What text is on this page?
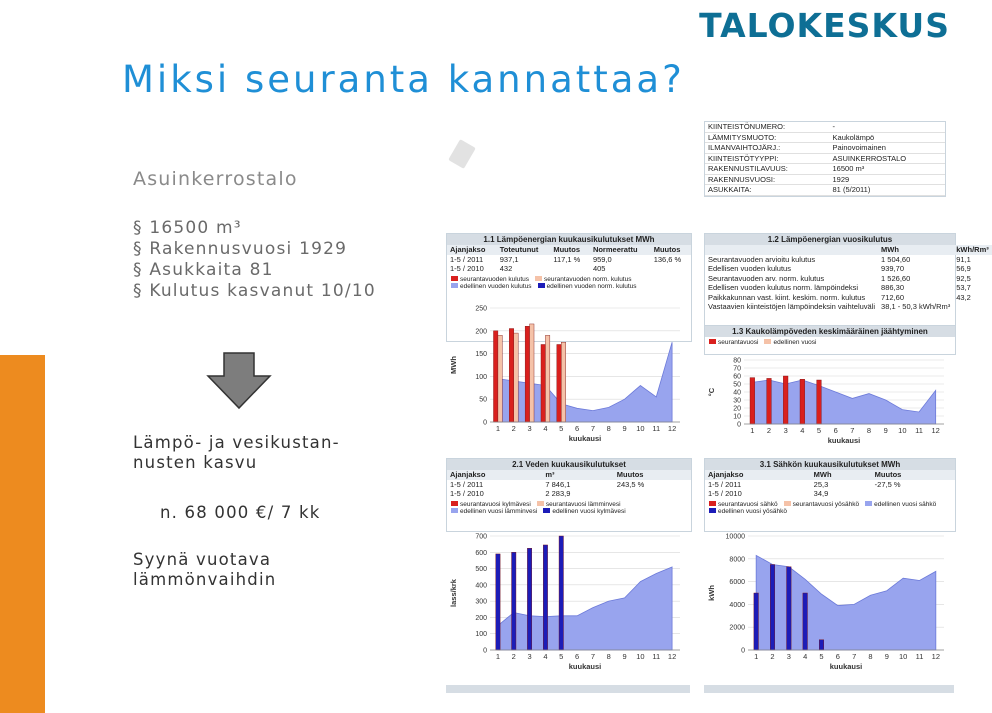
TALOKESKUS
Miksi seuranta kannattaa?
Asuinkerrostalo
§ 16500 m³
§ Rakennusvuosi 1929
§ Asukkaita 81
§ Kulutus kasvanut 10/10
Lämpö- ja vesikustan-
nusten kasvu
n. 68 000 €/ 7 kk
Syynä vuotava
lämmönvaihdin
KIINTEISTÖNUMERO:	-
LÄMMITYSMUOTO:	Kaukolämpö
ILMANVAIHTOJÄRJ.:	Painovoimainen
KIINTEISTÖTYYPPI:	ASUINKERROSTALO
RAKENNUSTILAVUUS:	16500 m³
RAKENNUSVUOSI:	1929
ASUKKAITA:	81 (5/2011)
1.1 Lämpöenergian kuukausikulutukset MWh
Ajanjakso	Toteutunut	Muutos	Normeerattu	Muutos
1-5 / 2011	937,1	117,1 %	959,0	136,6 %
1-5 / 2010	432		405	
seurantavuoden kulutus seurantavuoden norm. kulutusedellinen vuoden kulutus edellinen vuoden norm. kulutus
1.2 Lämpöenergian vuosikulutus
	MWh	kWh/Rm³
Seurantavuoden arvioitu kulutus	1 504,60	91,1
Edellisen vuoden kulutus	939,70	56,9
Seurantavuoden arv. norm. kulutus	1 526,60	92,5
Edellisen vuoden kulutus norm. lämpöindeksi	886,30	53,7
Paikkakunnan vast. kiint. keskim. norm. kulutus	712,60	43,2
Vastaavien kiinteistöjen lämpöindeksin vaihteluväli	38,1 - 50,3 kWh/Rm³	
1.3 Kaukolämpöveden keskimääräinen jäähtyminen
seurantavuosi edellinen vuosi
2.1 Veden kuukausikulutukset
Ajanjakso	m³	Muutos
1-5 / 2011	7 846,1	243,5 %
1-5 / 2010	2 283,9	
seurantavuosi kylmävesi seurantavuosi lämminvesiedellinen vuosi lämminvesi edellinen vuosi kylmävesi
3.1 Sähkön kuukausikulutukset MWh
Ajanjakso	MWh	Muutos
1-5 / 2011	25,3	-27,5 %
1-5 / 2010	34,9	
seurantavuosi sähkö seurantavuosi yösähkö edellinen vuosi sähköedellinen vuosi yösähkö
0
50
100
150
200
250
1 2 3 4 5 6 7 8 9 10 11 12
kuukausi
MWh
0
10
20
30
40
50
60
70
80
1 2 3 4 5 6 7 8 9 10 11 12
kuukausi
°C
0
100
200
300
400
500
600
700
1 2 3 4 5 6 7 8 9 10 11 12
kuukausi
lass/krk
0
2000
4000
6000
8000
10000
1 2 3 4 5 6 7 8 9 10 11 12
kuukausi
kWh
